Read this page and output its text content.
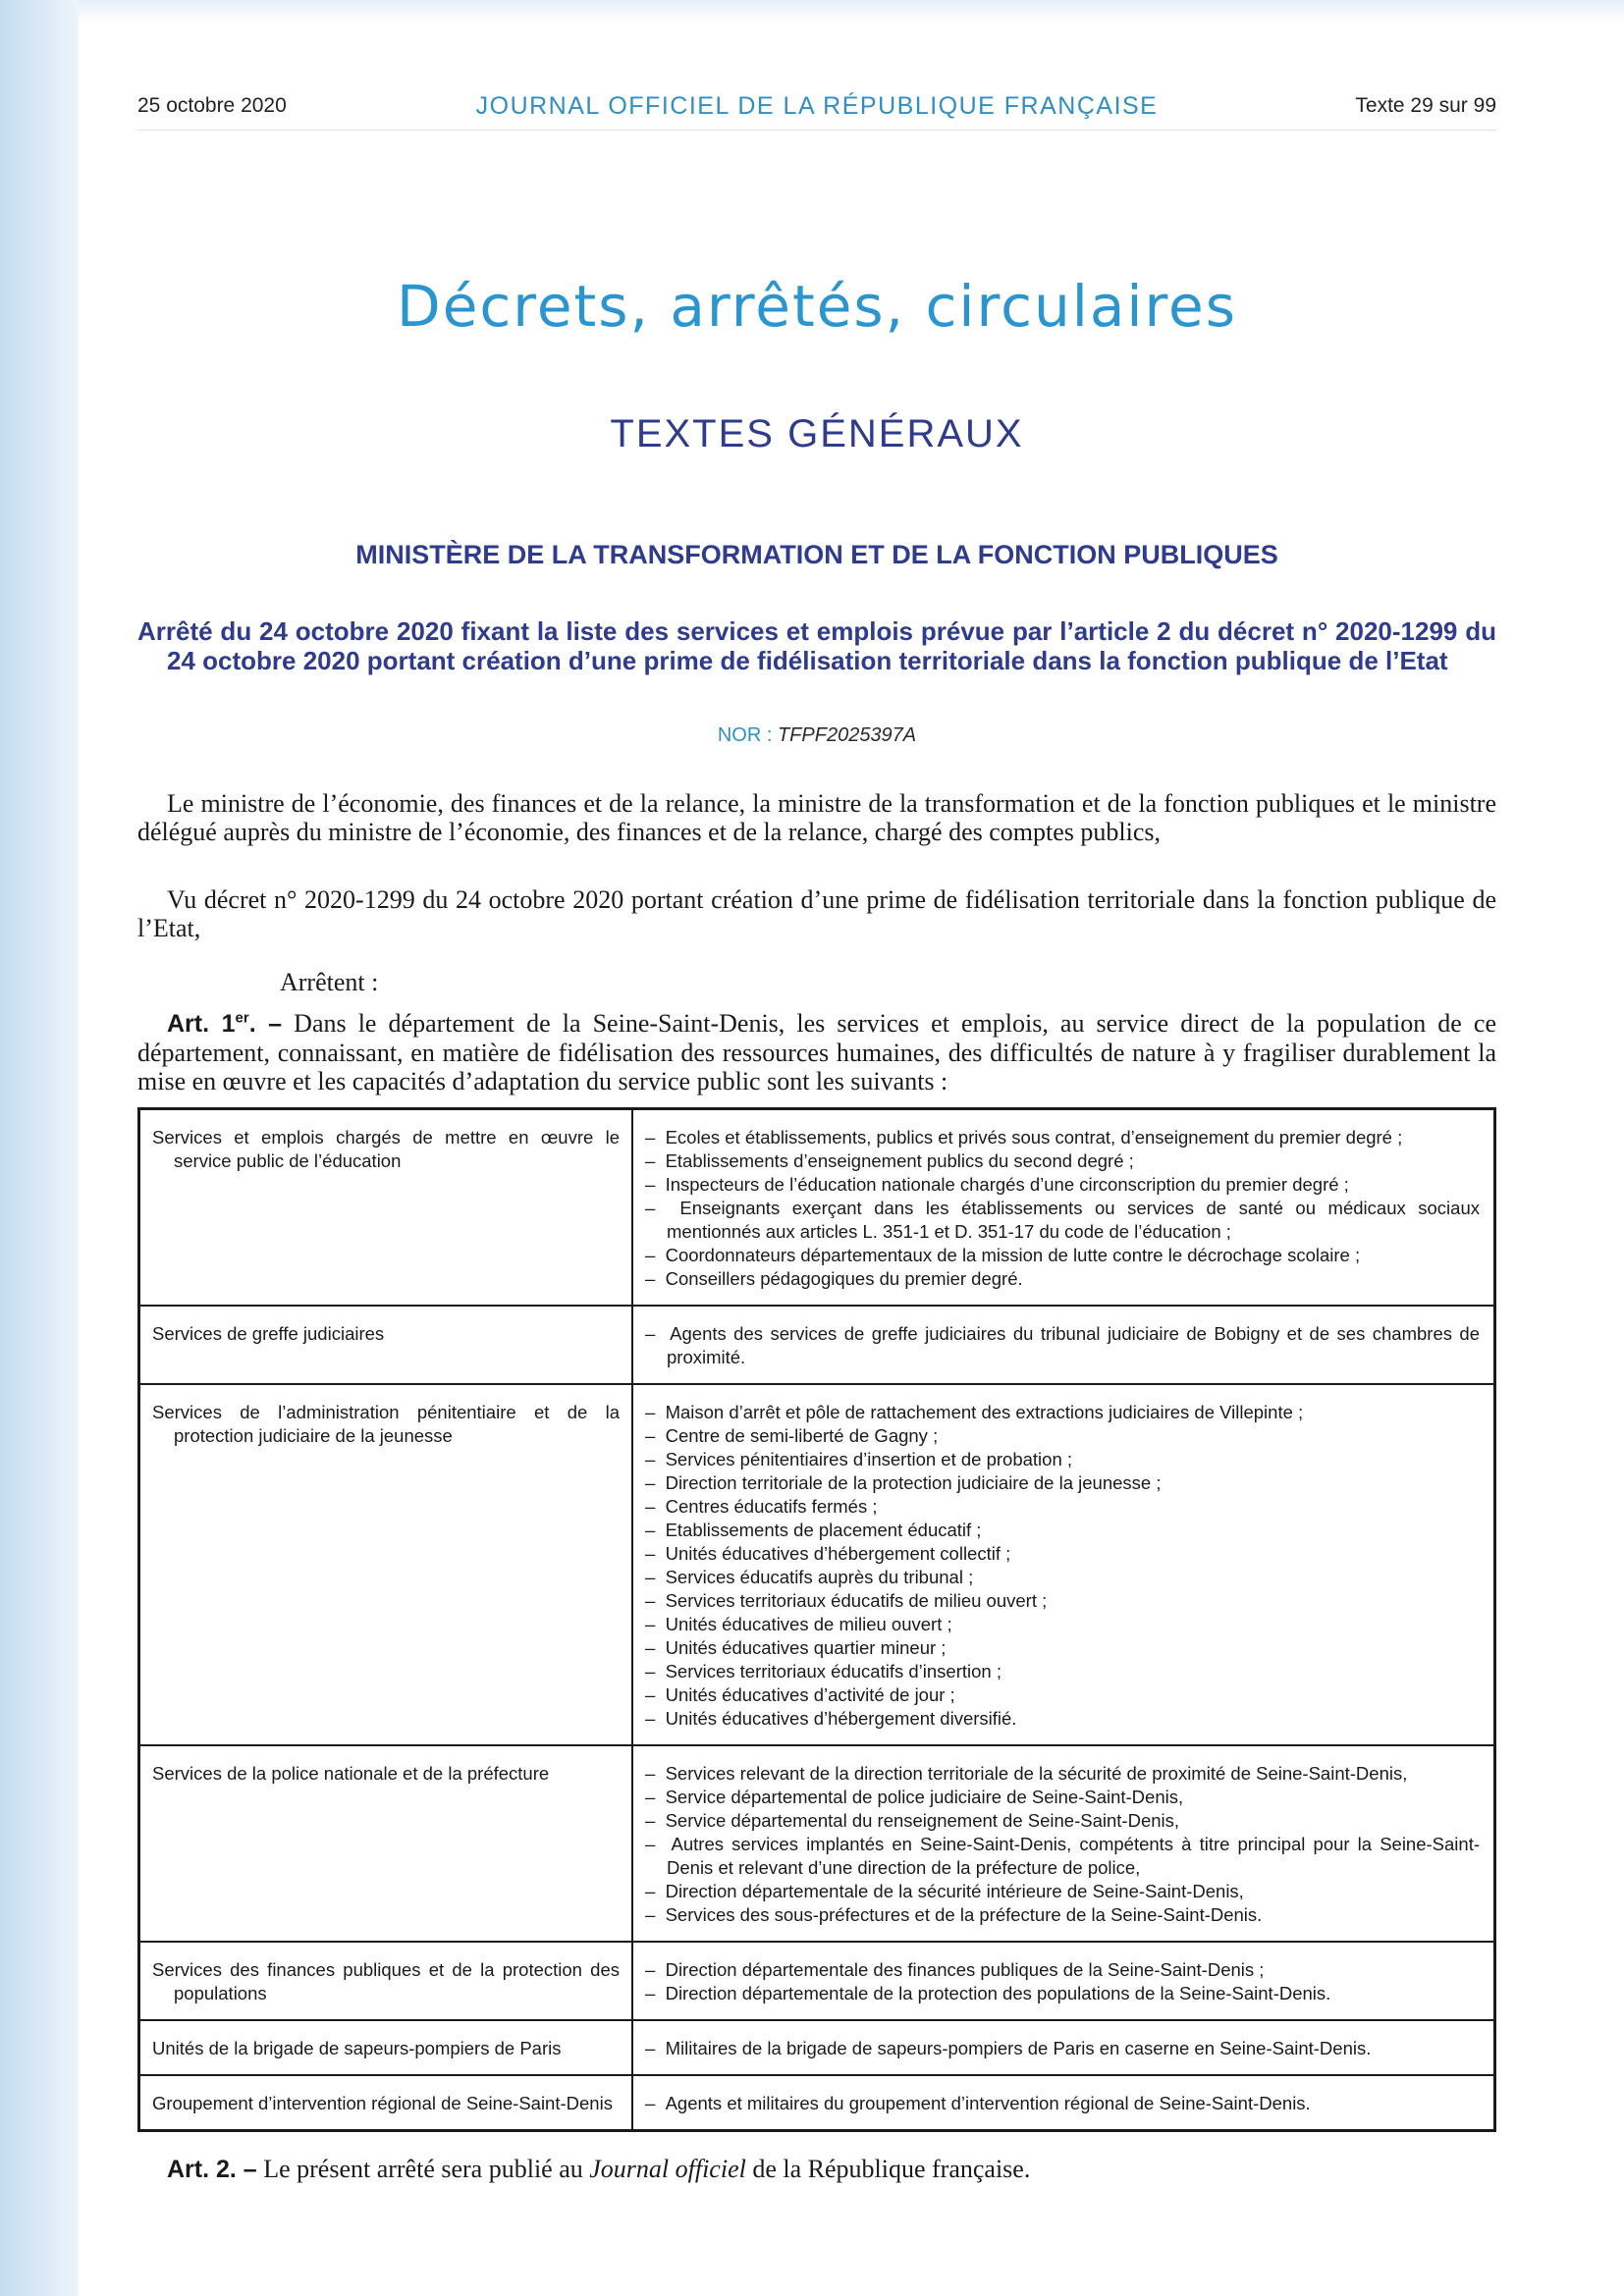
25 octobre 2020	JOURNAL OFFICIEL DE LA RÉPUBLIQUE FRANÇAISE	Texte 29 sur 99
Décrets, arrêtés, circulaires
TEXTES GÉNÉRAUX
MINISTÈRE DE LA TRANSFORMATION ET DE LA FONCTION PUBLIQUES
Arrêté du 24 octobre 2020 fixant la liste des services et emplois prévue par l’article 2 du décret n° 2020-1299 du 24 octobre 2020 portant création d’une prime de fidélisation territoriale dans la fonction publique de l’Etat
NOR : TFPF2025397A
Le ministre de l’économie, des finances et de la relance, la ministre de la transformation et de la fonction publiques et le ministre délégué auprès du ministre de l’économie, des finances et de la relance, chargé des comptes publics,
Vu décret n° 2020-1299 du 24 octobre 2020 portant création d’une prime de fidélisation territoriale dans la fonction publique de l’Etat,
Arrêtent :
Art. 1er. – Dans le département de la Seine-Saint-Denis, les services et emplois, au service direct de la population de ce département, connaissant, en matière de fidélisation des ressources humaines, des difficultés de nature à y fragiliser durablement la mise en œuvre et les capacités d’adaptation du service public sont les suivants :
Services et emplois chargés de mettre en œuvre le service public de l’éducation
–  Ecoles et établissements, publics et privés sous contrat, d’enseignement du premier degré ;
–  Etablissements d’enseignement publics du second degré ;
–  Inspecteurs de l’éducation nationale chargés d’une circonscription du premier degré ;
–  Enseignants exerçant dans les établissements ou services de santé ou médicaux sociaux mentionnés aux articles L. 351-1 et D. 351-17 du code de l’éducation ;
–  Coordonnateurs départementaux de la mission de lutte contre le décrochage scolaire ;
–  Conseillers pédagogiques du premier degré.
Services de greffe judiciaires	–  Agents des services de greffe judiciaires du tribunal judiciaire de Bobigny et de ses chambres de proximité.
Services de l’administration pénitentiaire et de la protection judiciaire de la jeunesse
–  Maison d’arrêt et pôle de rattachement des extractions judiciaires de Villepinte ;
–  Centre de semi-liberté de Gagny ;
–  Services pénitentiaires d’insertion et de probation ;
–  Direction territoriale de la protection judiciaire de la jeunesse ;
–  Centres éducatifs fermés ;
–  Etablissements de placement éducatif ;
–  Unités éducatives d’hébergement collectif ;
–  Services éducatifs auprès du tribunal ;
–  Services territoriaux éducatifs de milieu ouvert ;
–  Unités éducatives de milieu ouvert ;
–  Unités éducatives quartier mineur ;
–  Services territoriaux éducatifs d’insertion ;
–  Unités éducatives d’activité de jour ;
–  Unités éducatives d’hébergement diversifié.
Services de la police nationale et de la préfecture	–  Services relevant de la direction territoriale de la sécurité de proximité de Seine-Saint-Denis,
–  Service départemental de police judiciaire de Seine-Saint-Denis,
–  Service départemental du renseignement de Seine-Saint-Denis,
–  Autres services implantés en Seine-Saint-Denis, compétents à titre principal pour la Seine-Saint-Denis et relevant d’une direction de la préfecture de police,
–  Direction départementale de la sécurité intérieure de Seine-Saint-Denis,
–  Services des sous-préfectures et de la préfecture de la Seine-Saint-Denis.
Services des finances publiques et de la protection des populations
–  Direction départementale des finances publiques de la Seine-Saint-Denis ;
–  Direction départementale de la protection des populations de la Seine-Saint-Denis.
Unités de la brigade de sapeurs-pompiers de Paris	–  Militaires de la brigade de sapeurs-pompiers de Paris en caserne en Seine-Saint-Denis.
Groupement d’intervention régional de Seine-Saint-Denis	–  Agents et militaires du groupement d’intervention régional de Seine-Saint-Denis.
Art. 2. – Le présent arrêté sera publié au Journal officiel de la République française.
